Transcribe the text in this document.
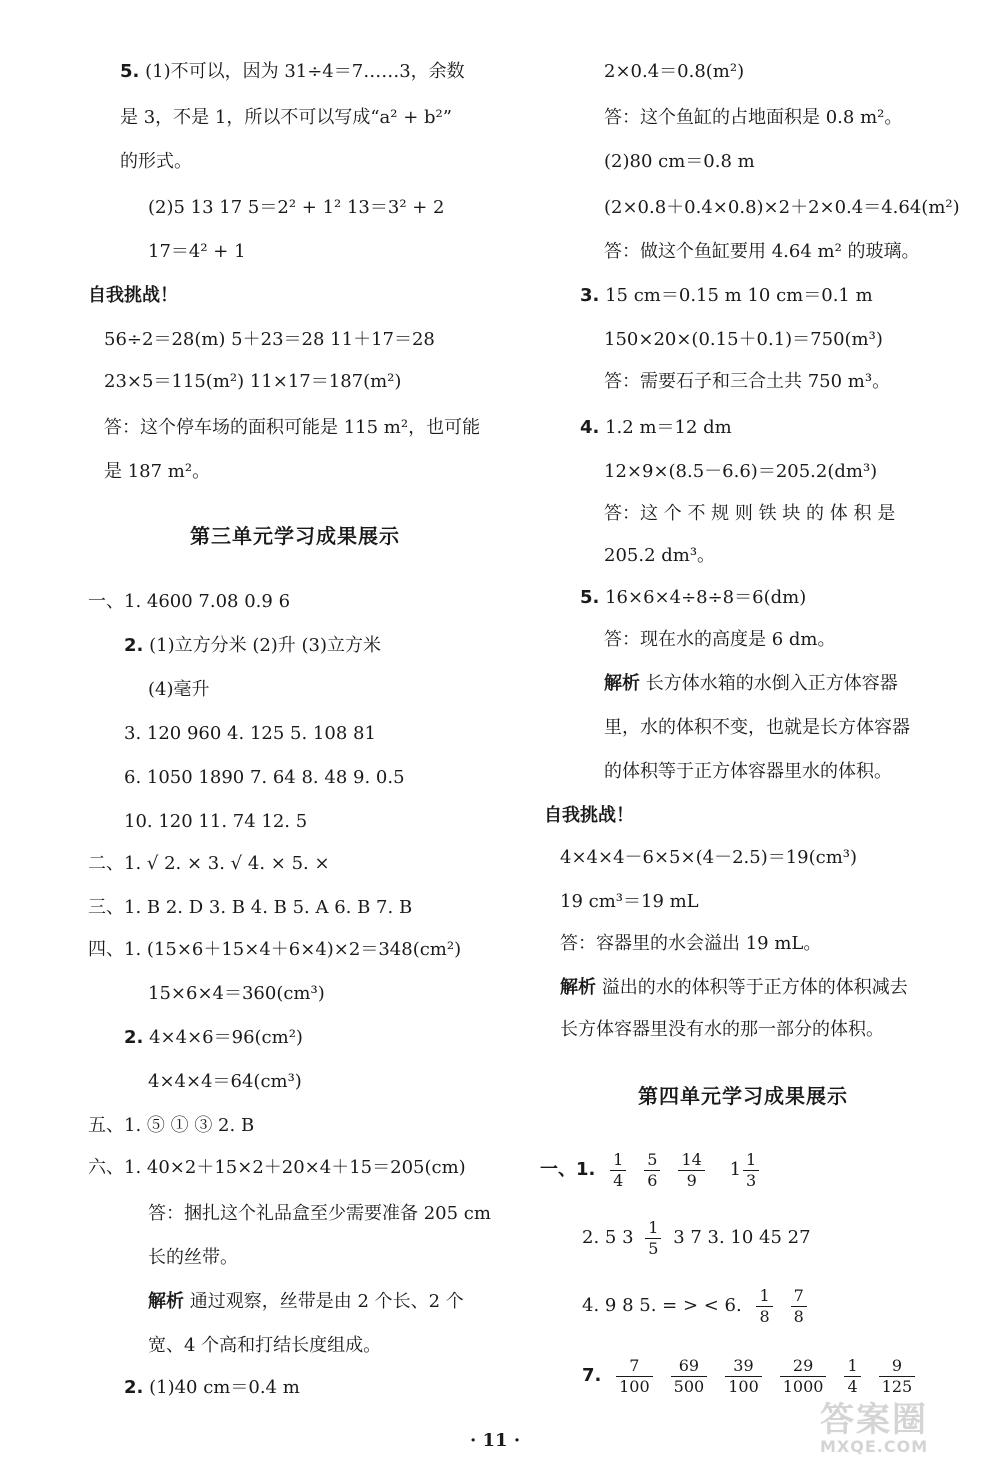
5. (1)不可以，因为 31÷4＝7……3，余数
是 3，不是 1，所以不可以写成“a² + b²”
的形式。
(2)5 13 17 5＝2² + 1² 13＝3² + 2
17＝4² + 1
自我挑战！
56÷2＝28(m) 5＋23＝28 11＋17＝28
23×5＝115(m²) 11×17＝187(m²)
答：这个停车场的面积可能是 115 m²，也可能
是 187 m²。
一、1. 4600 7.08 0.9 6
2. (1)立方分米 (2)升 (3)立方米
(4)毫升
3. 120 960 4. 125 5. 108 81
6. 1050 1890 7. 64 8. 48 9. 0.5
10. 120 11. 74 12. 5
二、1. √ 2. × 3. √ 4. × 5. ×
三、1. B 2. D 3. B 4. B 5. A 6. B 7. B
四、1. (15×6＋15×4＋6×4)×2＝348(cm²)
15×6×4＝360(cm³)
2. 4×4×6＝96(cm²)
4×4×4＝64(cm³)
五、1. ⑤ ① ③ 2. B
六、1. 40×2＋15×2＋20×4＋15＝205(cm)
答：捆扎这个礼品盒至少需要准备 205 cm
长的丝带。
解析 通过观察，丝带是由 2 个长、2 个
宽、4 个高和打结长度组成。
2. (1)40 cm＝0.4 m
2×0.4＝0.8(m²)
答：这个鱼缸的占地面积是 0.8 m²。
(2)80 cm＝0.8 m
(2×0.8＋0.4×0.8)×2＋2×0.4＝4.64(m²)
答：做这个鱼缸要用 4.64 m² 的玻璃。
3. 15 cm＝0.15 m 10 cm＝0.1 m
150×20×(0.15＋0.1)＝750(m³)
答：需要石子和三合土共 750 m³。
4. 1.2 m＝12 dm
12×9×(8.5－6.6)＝205.2(dm³)
答：这 个 不 规 则 铁 块 的 体 积 是
205.2 dm³。
5. 16×6×4÷8÷8＝6(dm)
答：现在水的高度是 6 dm。
解析 长方体水箱的水倒入正方体容器
里，水的体积不变，也就是长方体容器
的体积等于正方体容器里水的体积。
自我挑战！
4×4×4－6×5×(4－2.5)＝19(cm³)
19 cm³＝19 mL
答：容器里的水会溢出 19 mL。
解析 溢出的水的体积等于正方体的体积减去
长方体容器里没有水的那一部分的体积。
第三单元学习成果展示
第四单元学习成果展示
一、1. $\frac{1}{4} \frac{5}{6} \frac{14}{9} 1 \frac{1}{3}$
2. 5 $3 \frac{1}{5} 3$ 7 3. 10 45 27
4. 9 8 5. = > < 6. $\frac{1}{8} \frac{7}{8}$
7. $\frac{7}{100} \frac{69}{500} \frac{39}{100} \frac{29}{1000} \frac{1}{4} \frac{9}{125}$
· 11 ·
答案圈
MXQE.COM
